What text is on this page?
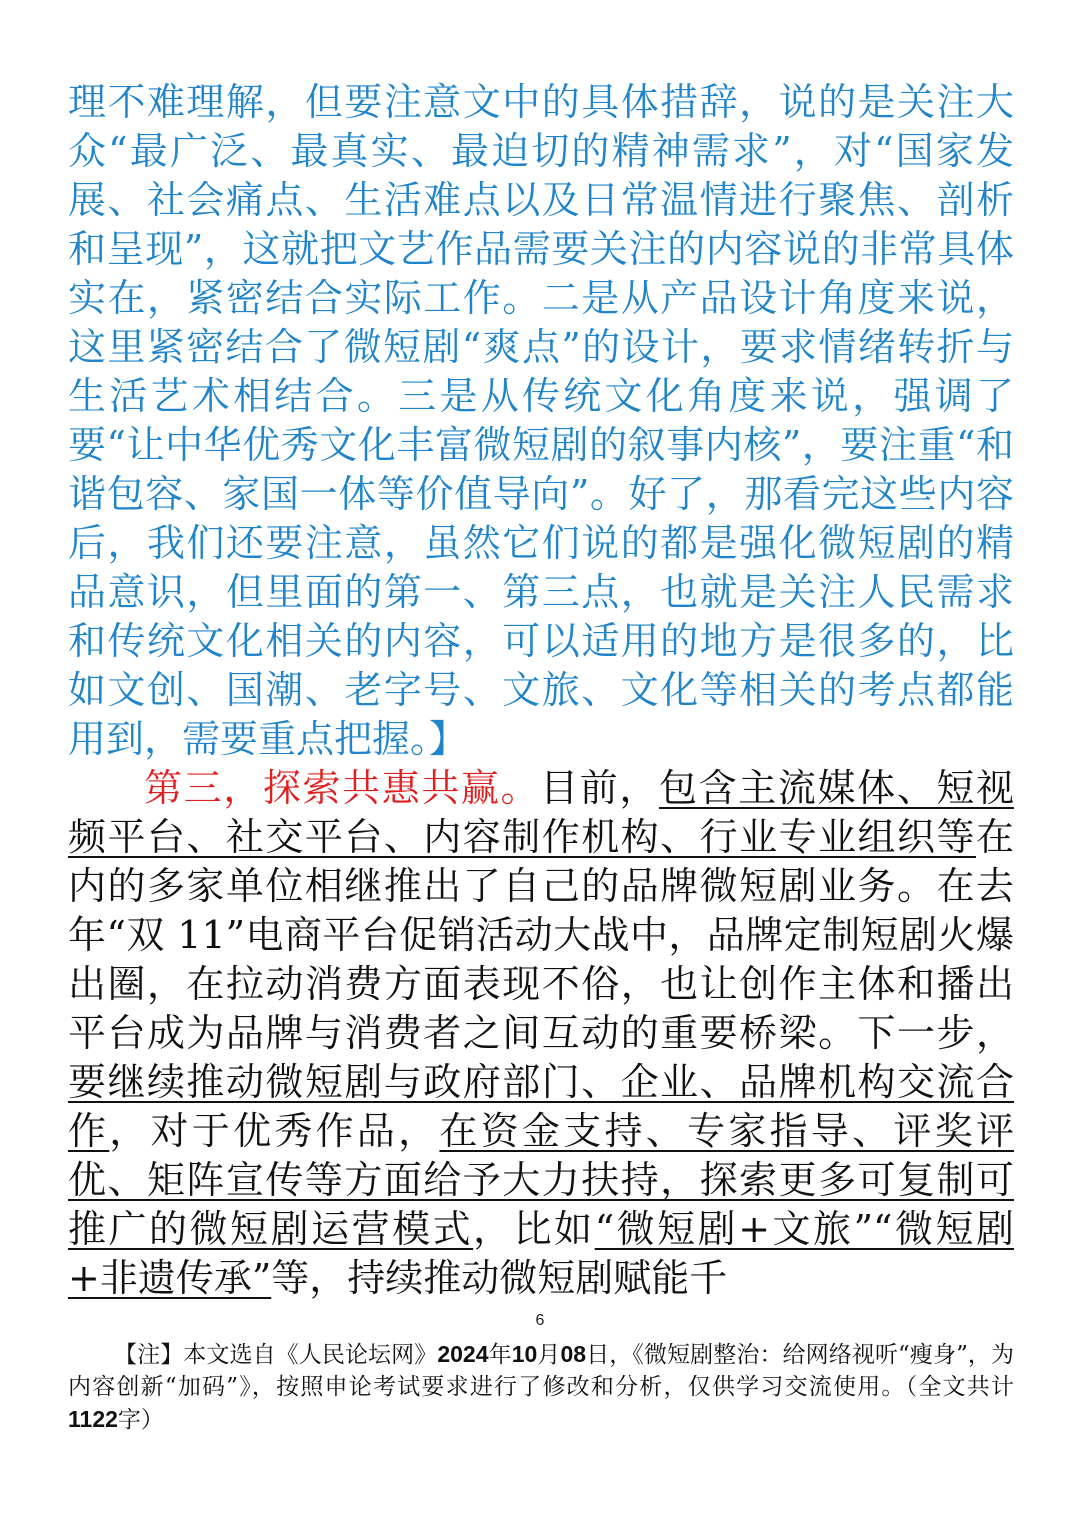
理不难理解，但要注意文中的具体措辞，说的是关注大众“最广泛、最真实、最迫切的精神需求”，对“国家发展、社会痛点、生活难点以及日常温情进行聚焦、剖析和呈现”，这就把文艺作品需要关注的内容说的非常具体实在，紧密结合实际工作。二是从产品设计角度来说，这里紧密结合了微短剧“爽点”的设计，要求情绪转折与生活艺术相结合。三是从传统文化角度来说，强调了要“让中华优秀文化丰富微短剧的叙事内核”，要注重“和谐包容、家国一体等价值导向”。好了，那看完这些内容后，我们还要注意，虽然它们说的都是强化微短剧的精品意识，但里面的第一、第三点，也就是关注人民需求和传统文化相关的内容，可以适用的地方是很多的，比如文创、国潮、老字号、文旅、文化等相关的考点都能用到，需要重点把握。】

第三，探索共惠共赢。目前，包含主流媒体、短视频平台、社交平台、内容制作机构、行业专业组织等在内的多家单位相继推出了自己的品牌微短剧业务。在去年“双 11”电商平台促销活动大战中，品牌定制短剧火爆出圈，在拉动消费方面表现不俗，也让创作主体和播出平台成为品牌与消费者之间互动的重要桥梁。下一步，要继续推动微短剧与政府部门、企业、品牌机构交流合作，对于优秀作品，在资金支持、专家指导、评奖评优、矩阵宣传等方面给予大力扶持，探索更多可复制可推广的微短剧运营模式，比如“微短剧+文旅”“微短剧+非遗传承”等，持续推动微短剧赋能千

6
【注】本文选自《人民论坛网》2024年10月08日，《微短剧整治：给网络视听“瘦身”，为内容创新“加码”》，按照申论考试要求进行了修改和分析，仅供学习交流使用。（全文共计1122字）
